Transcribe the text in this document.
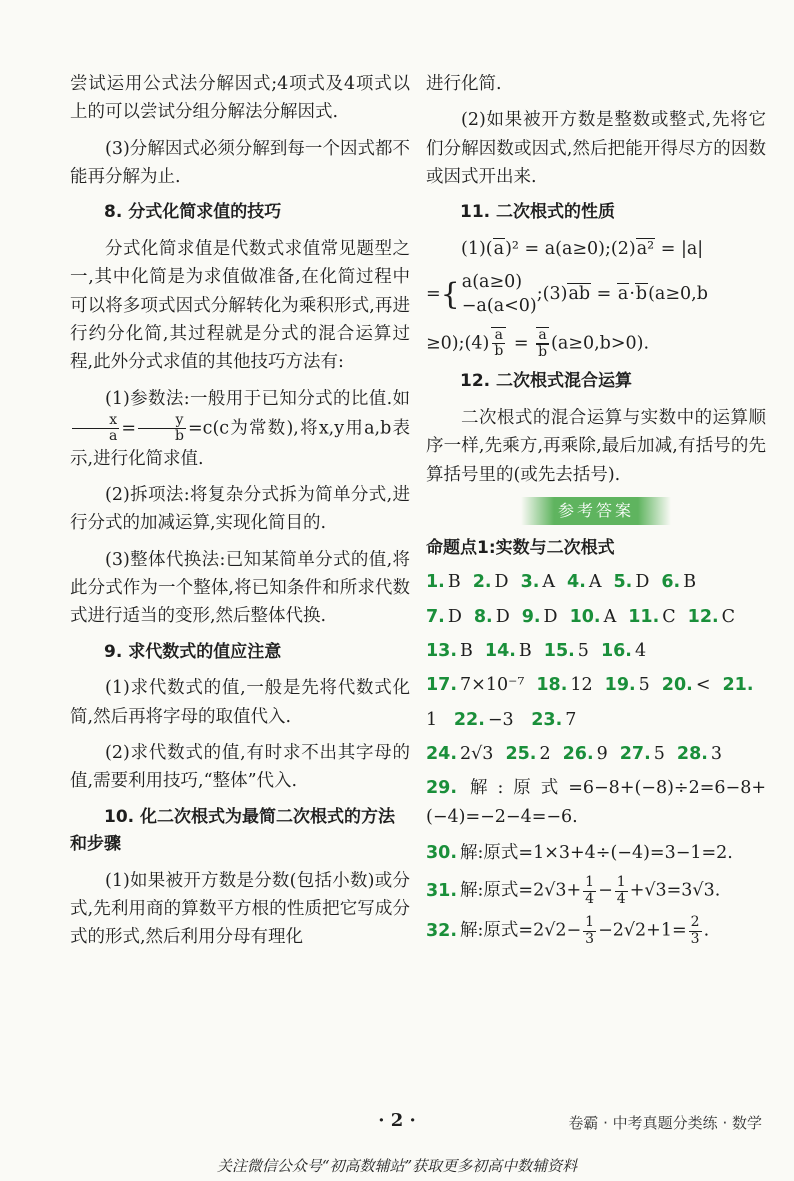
尝试运用公式法分解因式;4项式及4项式以上的可以尝试分组分解法分解因式.

(3)分解因式必须分解到每一个因式都不能再分解为止.

8. 分式化简求值的技巧

分式化简求值是代数式求值常见题型之一,其中化简是为求值做准备,在化简过程中可以将多项式因式分解转化为乘积形式,再进行约分化简,其过程就是分式的混合运算过程,此外分式求值的其他技巧方法有:

(1)参数法:一般用于已知分式的比值.如
$\frac{x}{a} = \frac{y}{b} =c(c$为常数),将x,y用a,b表示,进行化简求值.

(2)拆项法:将复杂分式拆为简单分式,进行分式的加减运算,实现化简目的.

(3)整体代换法:已知某简单分式的值,将此分式作为一个整体,将已知条件和所求代数式进行适当的变形,然后整体代换.

9. 求代数式的值应注意

(1)求代数式的值,一般是先将代数式化简,然后再将字母的取值代入.

(2)求代数式的值,有时求不出其字母的值,需要利用技巧,“整体”代入.

10. 化二次根式为最简二次根式的方法和步骤

(1)如果被开方数是分数(包括小数)或分式,先利用商的算数平方根的性质把它写成分式的形式,然后利用分母有理化

进行化简.

(2)如果被开方数是整数或整式,先将它们分解因数或因式,然后把能开得尽方的因数或因式开出来.

11. 二次根式的性质

(1)(a)² = a(a≥0);(2)a² = |a|

={ a(a≥0)
−a(a<0);(3)ab = a·b(a≥0,b

≥0);(4) $\frac{a}{b} = \frac{a}{b} (a\ge 0,b>0)$.

12. 二次根式混合运算

二次根式的混合运算与实数中的运算顺序一样,先乘方,再乘除,最后加减,有括号的先算括号里的(或先去括号).

参考答案
命题点1:实数与二次根式
1. B 2. D 3. A 4. A 5. D 6. B
7. D 8. D 9. D 10. A 11. C 12. C
13. B 14. B 15. 5 16. 4
17. 7×10⁻⁷ 18. 12 19. 5 20. < 21.
1 22. −3 23. 7
24. 2√3 25. 2 26. 9 27. 5 28. 3

29. 解:原式=6−8+(−8)÷2=6−8+(−4)=−2−4=−6.

30. 解:原式=1×3+4÷(−4)=3−1=2.

31. 解:原式$=2√3+ \frac{1}{4} - \frac{1}{4} +√3=3√3$.

32. 解:原式$=2√2- \frac{1}{3} -2√2+1= \frac{2}{3}$ .

· 2 ·	卷霸 · 中考真题分类练 · 数学
关注微信公众号“初高数辅站”获取更多初高中数辅资料
